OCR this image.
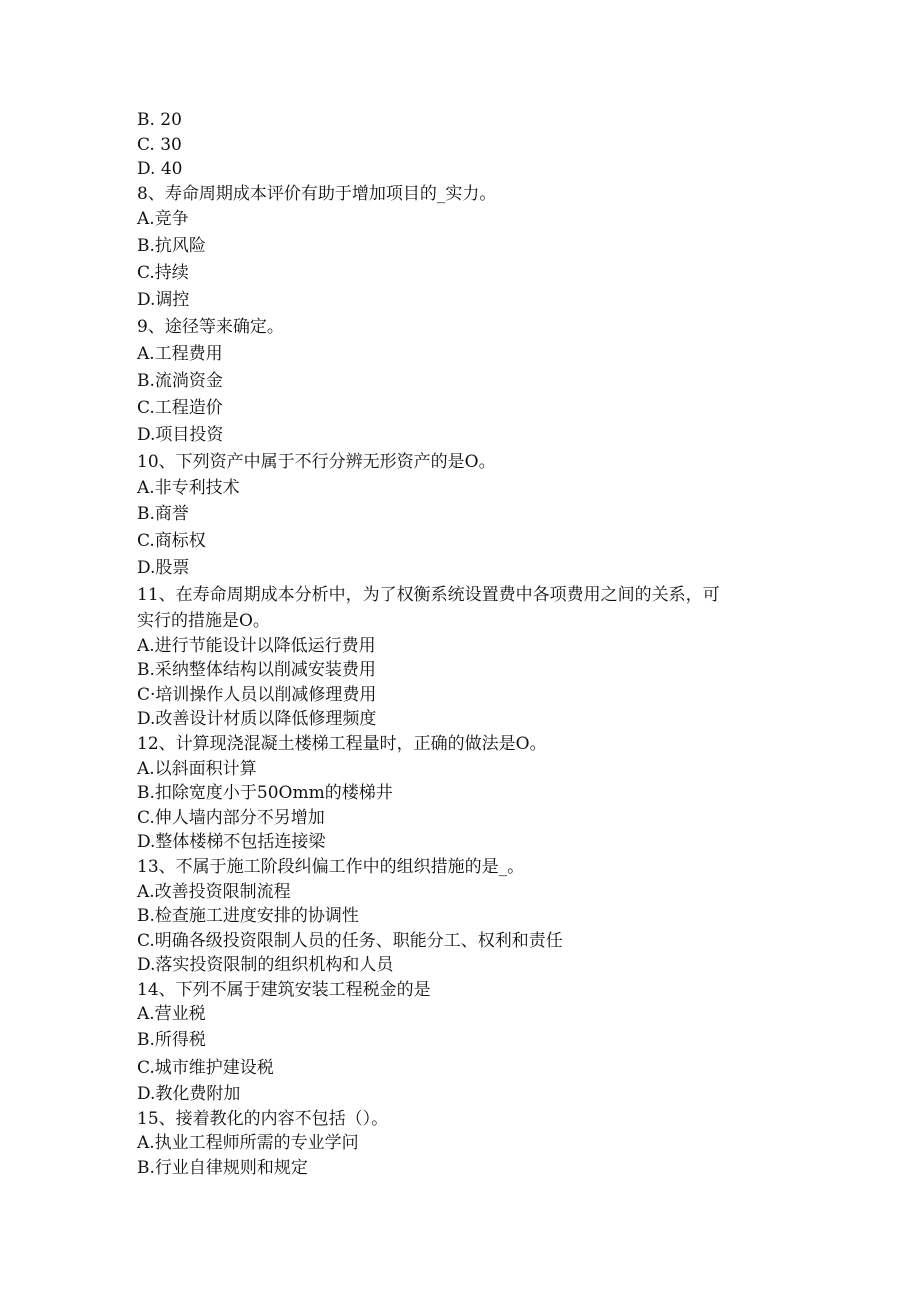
B. 20
C. 30
D. 40
8、寿命周期成本评价有助于增加项目的_实力。
A.竞争
B.抗风险
C.持续
D.调控
9、途径等来确定。
A.工程费用
B.流淌资金
C.工程造价
D.项目投资
10、下列资产中属于不行分辨无形资产的是O。
A.非专利技术
B.商誉
C.商标权
D.股票
11、在寿命周期成本分析中，为了权衡系统设置费中各项费用之间的关系，可
实行的措施是O。
A.进行节能设计以降低运行费用
B.采纳整体结构以削减安装费用
C·培训操作人员以削减修理费用
D.改善设计材质以降低修理频度
12、计算现浇混凝土楼梯工程量时，正确的做法是O。
A.以斜面积计算
B.扣除宽度小于50Omm的楼梯井
C.伸人墙内部分不另增加
D.整体楼梯不包括连接梁
13、不属于施工阶段纠偏工作中的组织措施的是_。
A.改善投资限制流程
B.检查施工进度安排的协调性
C.明确各级投资限制人员的任务、职能分工、权利和责任
D.落实投资限制的组织机构和人员
14、下列不属于建筑安装工程税金的是
A.营业税
B.所得税
C.城市维护建设税
D.教化费附加
15、接着教化的内容不包括（）。
A.执业工程师所需的专业学问
B.行业自律规则和规定
